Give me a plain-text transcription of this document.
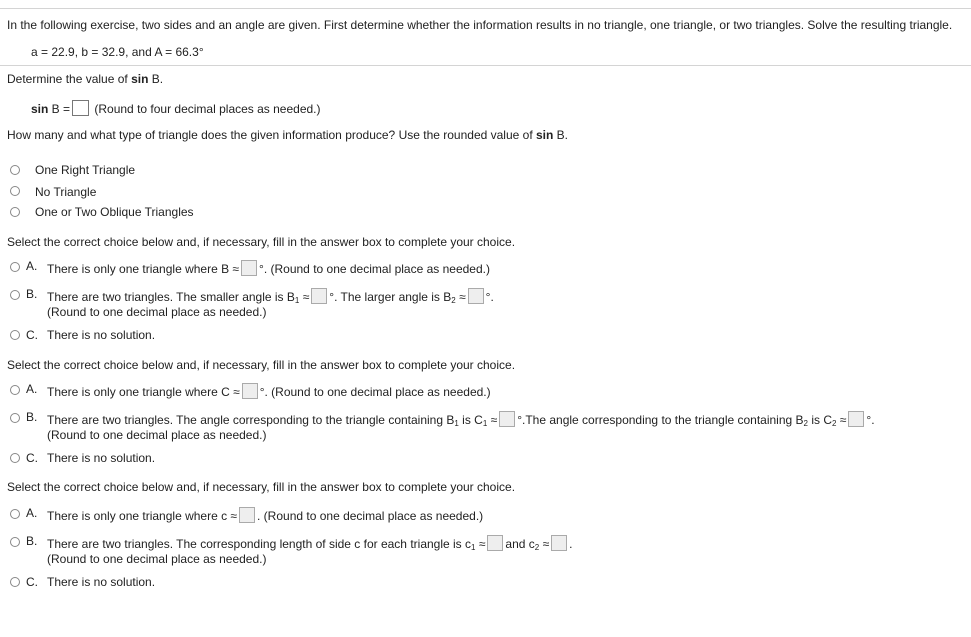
In the following exercise, two sides and an angle are given. First determine whether the information results in no triangle, one triangle, or two triangles. Solve the resulting triangle.
a = 22.9, b = 32.9, and A = 66.3°
Determine the value of sin B.
sin B = (Round to four decimal places as needed.)
How many and what type of triangle does the given information produce? Use the rounded value of sin B.
One Right Triangle
No Triangle
One or Two Oblique Triangles
Select the correct choice below and, if necessary, fill in the answer box to complete your choice.
A. There is only one triangle where B ≈ °. (Round to one decimal place as needed.)
B. There are two triangles. The smaller angle is $B_1$ ≈ °. The larger angle is $B_2$ ≈ °.
(Round to one decimal place as needed.)
C. There is no solution.
Select the correct choice below and, if necessary, fill in the answer box to complete your choice.
A. There is only one triangle where C ≈ °. (Round to one decimal place as needed.)
B. There are two triangles. The angle corresponding to the triangle containing $B_1$ is $C_1 \approx ^\circ.The$ angle corresponding to the triangle containing $B_2$ is $C_2$ ≈ °.
(Round to one decimal place as needed.)
C. There is no solution.
Select the correct choice below and, if necessary, fill in the answer box to complete your choice.
A. There is only one triangle where c ≈ . (Round to one decimal place as needed.)
B. There are two triangles. The corresponding length of side c for each triangle is $c_1$ ≈ and $c_2$ ≈ .
(Round to one decimal place as needed.)
C. There is no solution.
